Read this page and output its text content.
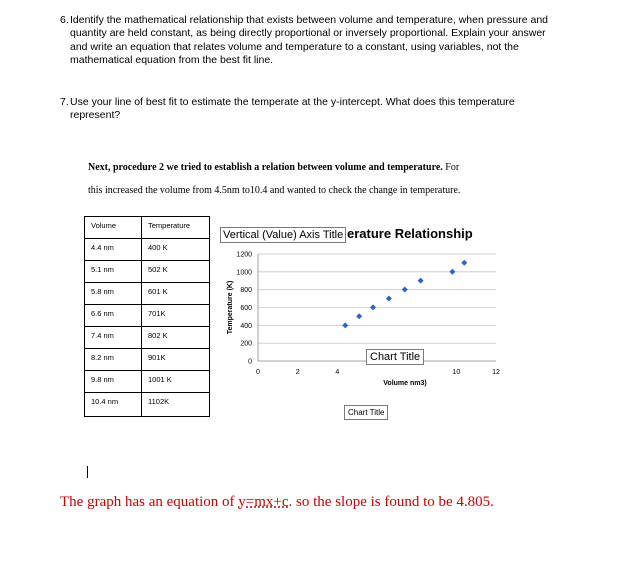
6. Identify the mathematical relationship that exists between volume and temperature, when pressure and quantity are held constant, as being directly proportional or inversely proportional. Explain your answer and write an equation that relates volume and temperature to a constant, using variables, not the mathematical equation from the best fit line.
7. Use your line of best fit to estimate the temperate at the y-intercept. What does this temperature represent?
Next, procedure 2 we tried to establish a relation between volume and temperature. For
this increased the volume from 4.5nm to10.4 and wanted to check the change in temperature.
Volume	Temperature
4.4 nm	400 K
5.1 nm	502 K
5.8 nm	601 K
6.6 nm	701K
7.4 nm	802 K
8.2 nm	901K
9.8 nm	1001 K
10.4 nm	1102K
0
200
400
600
800
1000
1200
0	2	4	10	12
Temperature (K)
Volume nm3)
erature Relationship
Vertical (Value) Axis Title
Chart Title
Chart Title
The graph has an equation of y=mx+c. so the slope is found to be 4.805.
